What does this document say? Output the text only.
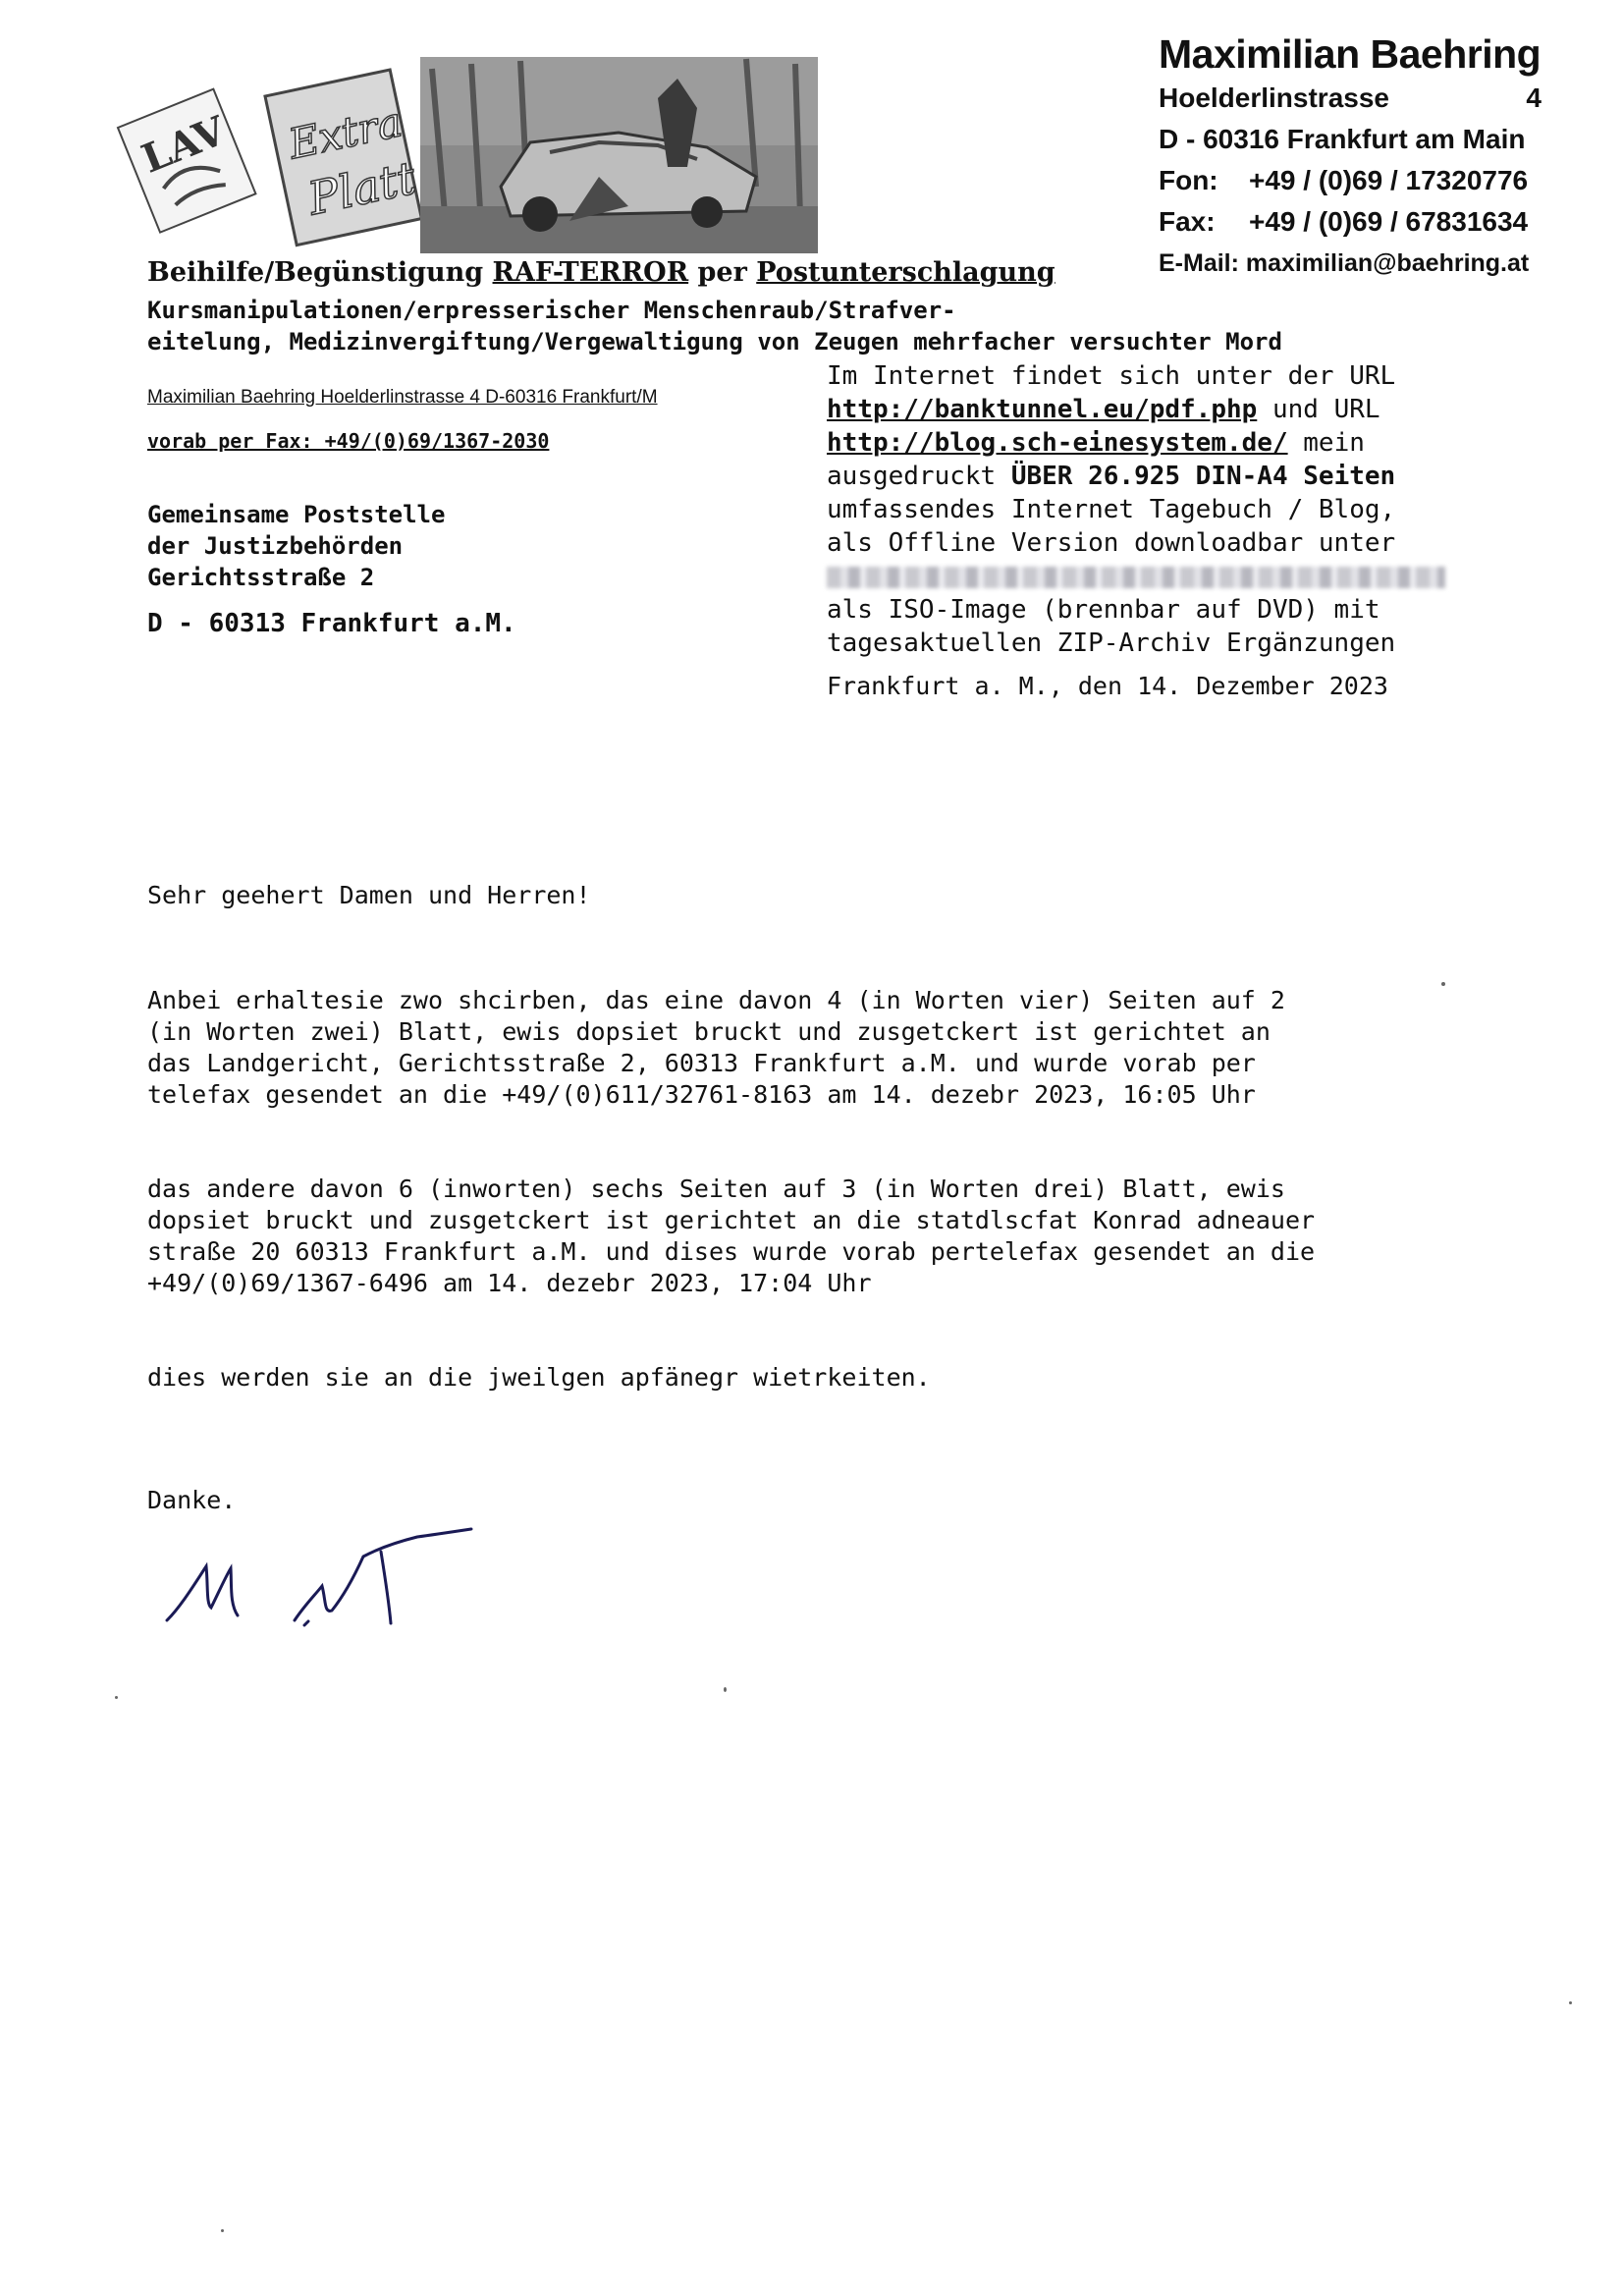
LAV Extra
Platt
Maximilian Baehring
Hoelderlinstrasse	4
D - 60316 Frankfurt am Main
Fon:	+49 / (0)69 / 17320776
Fax:	+49 / (0)69 / 67831634
E-Mail: maximilian@baehring.at
Beihilfe/Begünstigung RAF-TERROR per Postunterschlagung
Kursmanipulationen/erpresserischer Menschenraub/Strafver-
eitelung, Medizinvergiftung/Vergewaltigung von Zeugen mehrfacher versuchter Mord
Maximilian Baehring Hoelderlinstrasse 4 D-60316 Frankfurt/M
vorab per Fax: +49/(0)69/1367-2030
Gemeinsame Poststelle
der Justizbehörden
Gerichtsstraße 2
D - 60313 Frankfurt a.M.
Im Internet findet sich unter der URL
http://banktunnel.eu/pdf.php und URL
http://blog.sch-einesystem.de/ mein
ausgedruckt ÜBER 26.925 DIN-A4 Seiten
umfassendes Internet Tagebuch / Blog,
als Offline Version downloadbar unter
als ISO-Image (brennbar auf DVD) mit
tagesaktuellen ZIP-Archiv Ergänzungen
Frankfurt a. M., den 14. Dezember 2023
Sehr geehert Damen und Herren!
Anbei erhaltesie zwo shcirben, das eine davon 4 (in Worten vier) Seiten auf 2
(in Worten zwei) Blatt, ewis dopsiet bruckt und zusgetckert ist gerichtet an
das Landgericht, Gerichtsstraße 2, 60313 Frankfurt a.M. und wurde vorab per
telefax gesendet an die +49/(0)611/32761-8163 am 14. dezebr 2023, 16:05 Uhr
das andere davon 6 (inworten) sechs Seiten auf 3 (in Worten drei) Blatt, ewis
dopsiet bruckt und zusgetckert ist gerichtet an die statdlscfat Konrad adneauer
straße 20 60313 Frankfurt a.M. und dises wurde vorab pertelefax gesendet an die
+49/(0)69/1367-6496 am 14. dezebr 2023, 17:04 Uhr
dies werden sie an die jweilgen apfänegr wietrkeiten.
Danke.
